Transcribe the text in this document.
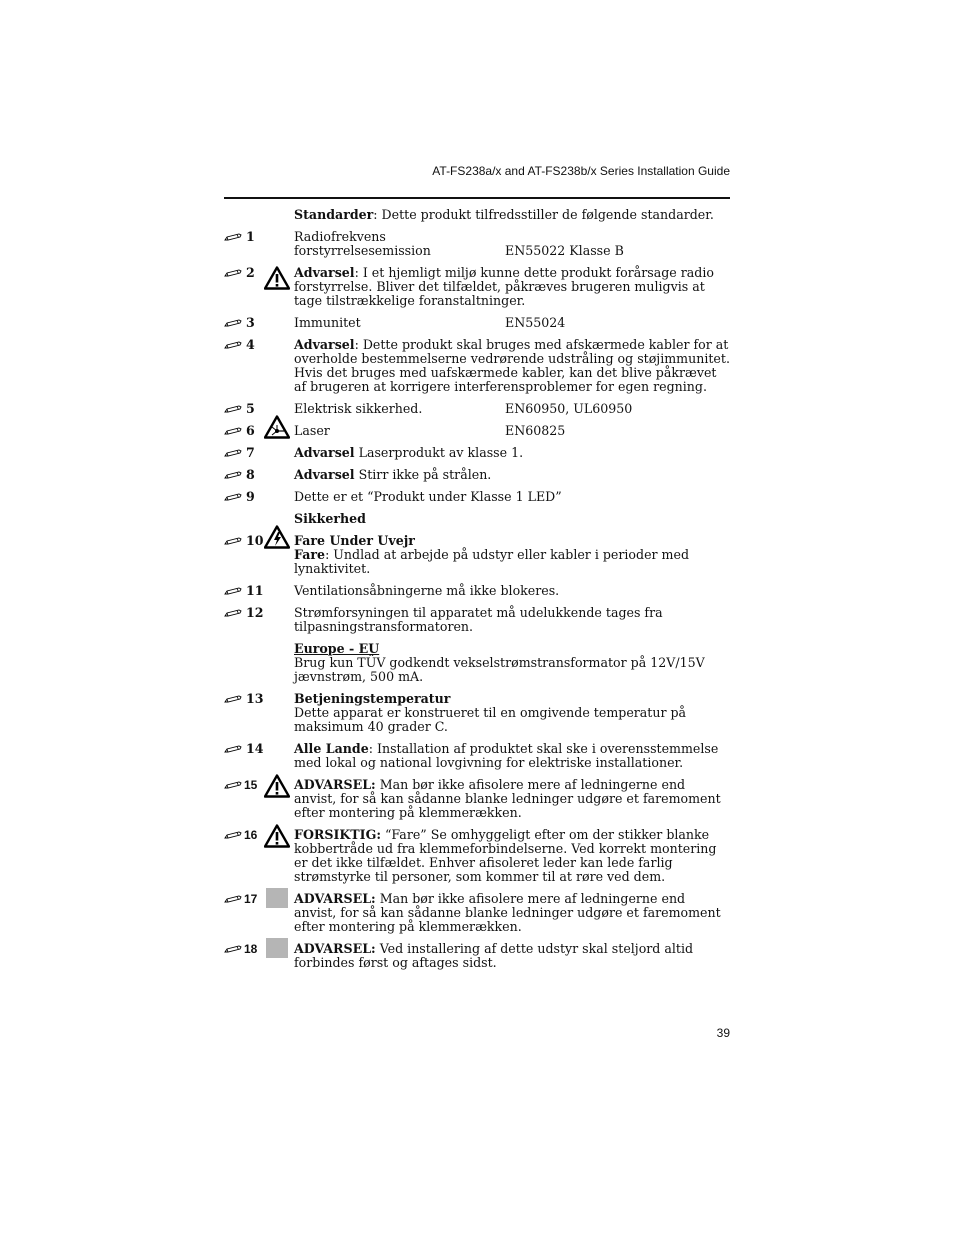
AT-FS238a/x and AT-FS238b/x Series Installation Guide
Standarder: Dette produkt tilfredsstiller de følgende standarder.
1	Radiofrekvens
forstyrrelsesemission	EN55022 Klasse B
2	Advarsel: I et hjemligt miljø kunne dette produkt forårsage radio forstyrrelse. Bliver det tilfældet, påkræves brugeren muligvis at tage tilstrækkelige foranstaltninger.
3	Immunitet	EN55024
4	Advarsel: Dette produkt skal bruges med afskærmede kabler for at overholde bestemmelserne vedrørende udstråling og støjimmunitet. Hvis det bruges med uafskærmede kabler, kan det blive påkrævet af brugeren at korrigere interferensproblemer for egen regning.
5	Elektrisk sikkerhed.	EN60950, UL60950
6	Laser	EN60825
7	Advarsel Laserprodukt av klasse 1.
8	Advarsel Stirr ikke på strålen.
9	Dette er et “Produkt under Klasse 1 LED”
Sikkerhed
10 Fare Under Uvejr
Fare: Undlad at arbejde på udstyr eller kabler i perioder med lynaktivitet.
11 Ventilationsåbningerne må ikke blokeres.
12 Strømforsyningen til apparatet må udelukkende tages fra tilpasningstransformatoren.
Europe - EU
Brug kun TÜV godkendt vekselstrømstransformator på 12V/15V jævnstrøm, 500 mA.
13 Betjeningstemperatur
Dette apparat er konstrueret til en omgivende temperatur på maksimum 40 grader C.
14 Alle Lande: Installation af produktet skal ske i overensstemmelse med lokal og national lovgivning for elektriske installationer.
15	ADVARSEL: Man bør ikke afisolere mere af ledningerne end anvist, for så kan sådanne blanke ledninger udgøre et faremoment efter montering på klemmerækken.
16	FORSIKTIG: “Fare” Se omhyggeligt efter om der stikker blanke kobbertråde ud fra klemmeforbindelserne. Ved korrekt montering er det ikke tilfældet. Enhver afisoleret leder kan lede farlig strømstyrke til personer, som kommer til at røre ved dem.
17	ADVARSEL: Man bør ikke afisolere mere af ledningerne end anvist, for så kan sådanne blanke ledninger udgøre et faremoment efter montering på klemmerækken.
18	ADVARSEL: Ved installering af dette udstyr skal steljord altid forbindes først og aftages sidst.
39
